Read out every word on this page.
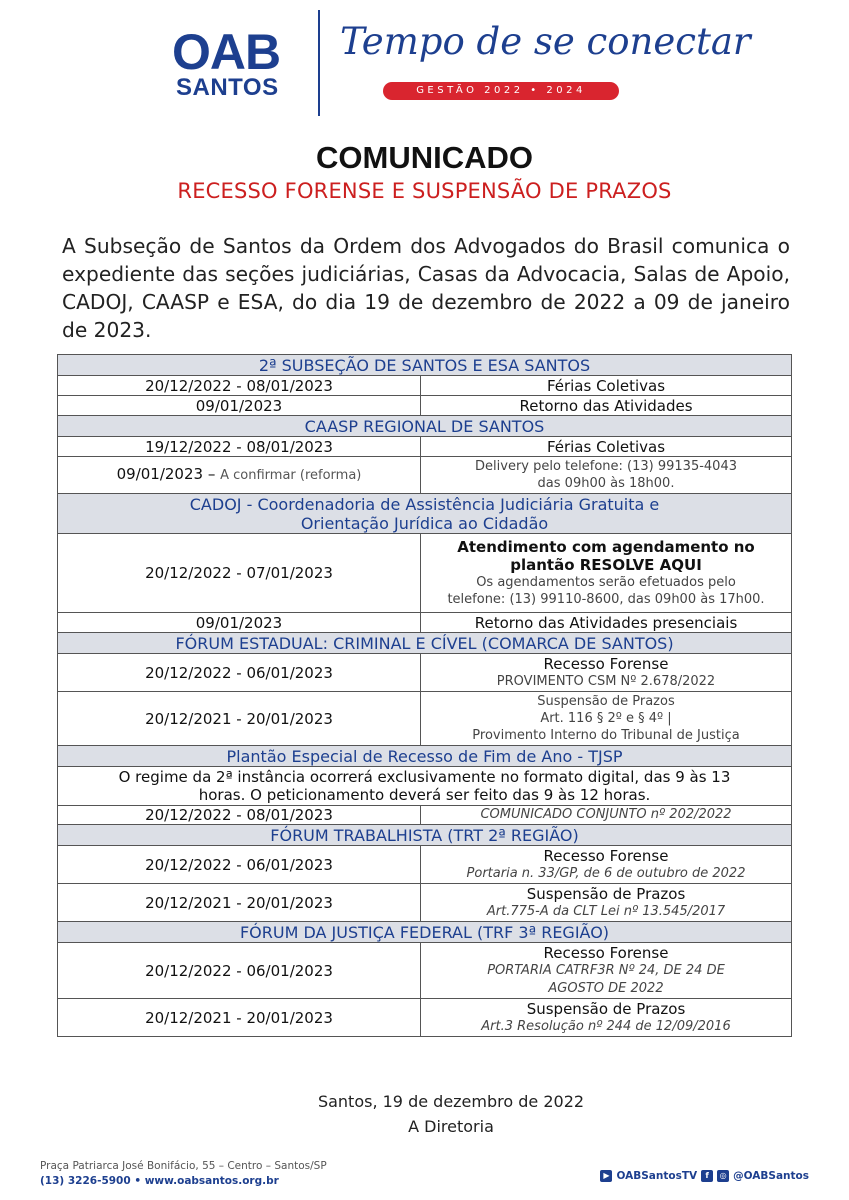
OAB
SANTOS
Tempo de se conectar
GESTÃO 2022 • 2024
COMUNICADO
RECESSO FORENSE E SUSPENSÃO DE PRAZOS
A Subseção de Santos da Ordem dos Advogados do Brasil comunica o expediente das seções judiciárias, Casas da Advocacia, Salas de Apoio, CADOJ, CAASP e ESA, do dia 19 de dezembro de 2022 a 09 de janeiro de 2023.
2ª SUBSEÇÃO DE SANTOS E ESA SANTOS	
20/12/2022 - 08/01/2023	Férias Coletivas
09/01/2023	Retorno das Atividades
CAASP REGIONAL DE SANTOS	
19/12/2022 - 08/01/2023	Férias Coletivas
09/01/2023 – A confirmar (reforma)	Delivery pelo telefone: (13) 99135-4043
das 09h00 às 18h00.

CADOJ - Coordenadoria de Assistência Judiciária Gratuita e
Orientação Jurídica ao Cidadão	

20/12/2022 - 07/01/2023	Atendimento com agendamento no
plantão RESOLVE AQUI
Os agendamentos serão efetuados pelo
telefone: (13) 99110-8600, das 09h00 às 17h00.

09/01/2023	Retorno das Atividades presenciais
FÓRUM ESTADUAL: CRIMINAL E CÍVEL (COMARCA DE SANTOS)	
20/12/2022 - 06/01/2023	Recesso Forense
PROVIMENTO CSM Nº 2.678/2022

20/12/2021 - 20/01/2023	Suspensão de Prazos
Art. 116 § 2º e § 4º |
Provimento Interno do Tribunal de Justiça

Plantão Especial de Recesso de Fim de Ano - TJSP	

O regime da 2ª instância ocorrerá exclusivamente no formato digital, das 9 às 13
horas. O peticionamento deverá ser feito das 9 às 12 horas.	

20/12/2022 - 08/01/2023	COMUNICADO CONJUNTO nº 202/2022
FÓRUM TRABALHISTA (TRT 2ª REGIÃO)	
20/12/2022 - 06/01/2023	Recesso Forense
Portaria n. 33/GP, de 6 de outubro de 2022

20/12/2021 - 20/01/2023	Suspensão de Prazos
Art.775-A da CLT Lei nº 13.545/2017

FÓRUM DA JUSTIÇA FEDERAL (TRF 3ª REGIÃO)	
20/12/2022 - 06/01/2023	Recesso Forense
PORTARIA CATRF3R Nº 24, DE 24 DE
AGOSTO DE 2022

20/12/2021 - 20/01/2023	Suspensão de Prazos
Art.3 Resolução nº 244 de 12/09/2016
Santos, 19 de dezembro de 2022
A Diretoria
Praça Patriarca José Bonifácio, 55 – Centro – Santos/SP
(13) 3226-5900 • www.oabsantos.org.br	▶ OABSantosTV	f	◎ @OABSantos
